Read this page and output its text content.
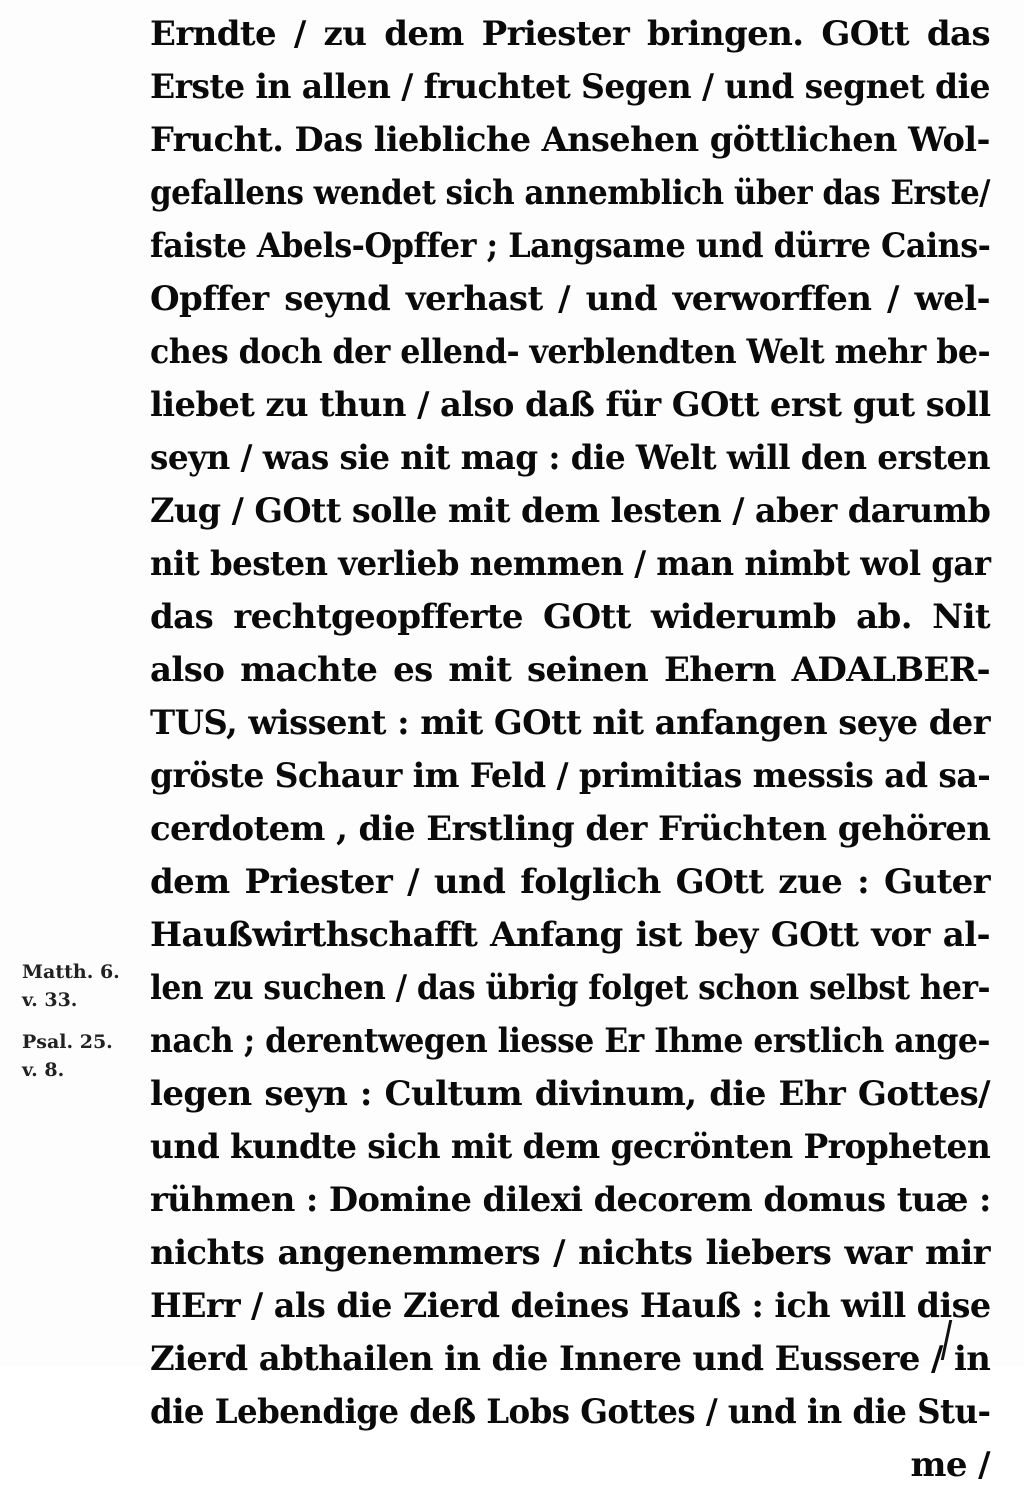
Erndte / zu dem Priester bringen. GOtt das
Erste in allen / fruchtet Segen / und segnet die
Frucht. Das liebliche Ansehen göttlichen Wol-
gefallens wendet sich annemblich über das Erste/
faiste Abels-Opffer ; Langsame und dürre Cains-
Opffer seynd verhast / und verworffen / wel-
ches doch der ellend- verblendten Welt mehr be-
liebet zu thun / also daß für GOtt erst gut soll
seyn / was sie nit mag : die Welt will den ersten
Zug / GOtt solle mit dem lesten / aber darumb
nit besten verlieb nemmen / man nimbt wol gar
das rechtgeopfferte GOtt widerumb ab. Nit
also machte es mit seinen Ehern ADALBER-
TUS, wissent : mit GOtt nit anfangen seye der
gröste Schaur im Feld / primitias messis ad sa-
cerdotem , die Erstling der Früchten gehören
dem Priester / und folglich GOtt zue : Guter
Haußwirthschafft Anfang ist bey GOtt vor al-
len zu suchen / das übrig folget schon selbst her-
nach ; derentwegen liesse Er Ihme erstlich ange-
legen seyn : Cultum divinum, die Ehr Gottes/
und kundte sich mit dem gecrönten Propheten
rühmen : Domine dilexi decorem domus tuæ :
nichts angenemmers / nichts liebers war mir
HErr / als die Zierd deines Hauß : ich will dise
Zierd abthailen in die Innere und Eussere / in
die Lebendige deß Lobs Gottes / und in die Stu-
me /
Matth. 6.
v. 33.
Psal. 25.
v. 8.
